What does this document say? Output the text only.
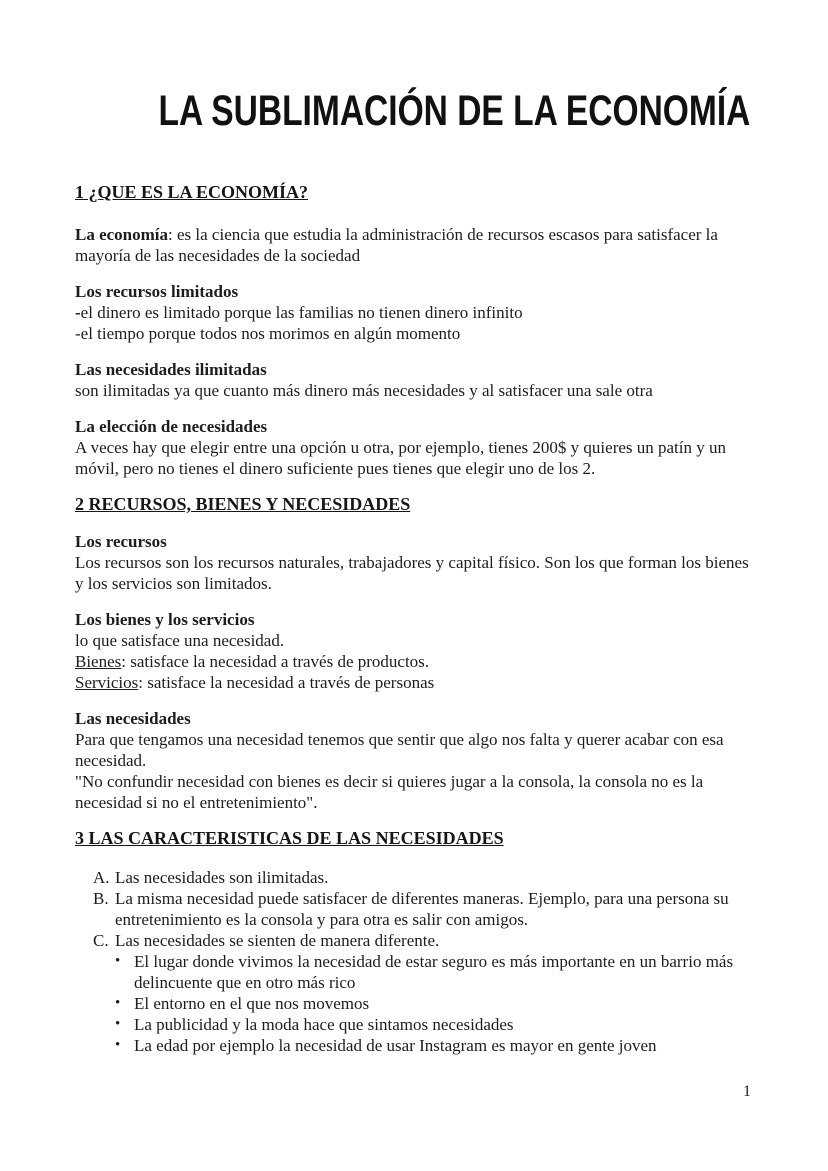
LA SUBLIMACIÓN DE LA ECONOMÍA
1 ¿QUE ES LA ECONOMÍA?

La economía: es la ciencia que estudia la administración de recursos escasos para satisfacer la mayoría de las necesidades de la sociedad

Los recursos limitados
-el dinero es limitado porque las familias no tienen dinero infinito
-el tiempo porque todos nos morimos en algún momento
Las necesidades ilimitadas
son ilimitadas ya que cuanto más dinero más necesidades y al satisfacer una sale otra
La elección de necesidades
A veces hay que elegir entre una opción u otra, por ejemplo, tienes 200$ y quieres un patín y un móvil, pero no tienes el dinero suficiente pues tienes que elegir uno de los 2.
2 RECURSOS, BIENES Y NECESIDADES
Los recursos
Los recursos son los recursos naturales, trabajadores y capital físico. Son los que forman los bienes y los servicios son limitados.
Los bienes y los servicios
lo que satisface una necesidad.
Bienes: satisface la necesidad a través de productos.
Servicios: satisface la necesidad a través de personas
Las necesidades
Para que tengamos una necesidad tenemos que sentir que algo nos falta y querer acabar con esa necesidad.
"No confundir necesidad con bienes es decir si quieres jugar a la consola, la consola no es la necesidad si no el entretenimiento".
3 LAS CARACTERISTICAS DE LAS NECESIDADES
A. Las necesidades son ilimitadas.
B. La misma necesidad puede satisfacer de diferentes maneras. Ejemplo, para una persona su entretenimiento es la consola y para otra es salir con amigos.
C. Las necesidades se sienten de manera diferente.
• El lugar donde vivimos la necesidad de estar seguro es más importante en un barrio más delincuente que en otro más rico
• El entorno en el que nos movemos
• La publicidad y la moda hace que sintamos necesidades
• La edad por ejemplo la necesidad de usar Instagram es mayor en gente joven
1
